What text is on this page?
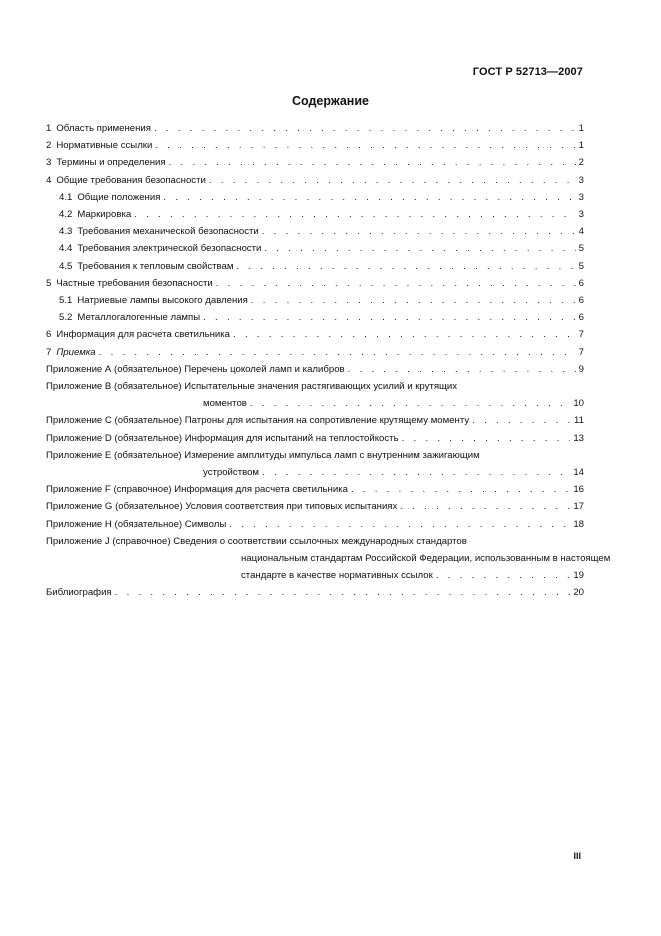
ГОСТ Р 52713—2007
Содержание
1 Область применения . . .	1
2 Нормативные ссылки . . .	1
3 Термины и определения . . .	2
4 Общие требования безопасности . . .	3
4.1 Общие положения . . .	3
4.2 Маркировка . . .	3
4.3 Требования механической безопасности . . .	4
4.4 Требования электрической безопасности . . .	5
4.5 Требования к тепловым свойствам . . .	5
5 Частные требования безопасности . . .	6
5.1 Натриевые лампы высокого давления . . .	6
5.2 Металлогалогенные лампы . . .	6
6 Информация для расчета светильника . . .	7
7 Приемка . . .	7
Приложение А (обязательное) Перечень цоколей ламп и калибров . . .	9
Приложение В (обязательное) Испытательные значения растягивающих усилий и крутящих
моментов . . .	10
Приложение С (обязательное) Патроны для испытания на сопротивление крутящему моменту . . .	11
Приложение D (обязательное) Информация для испытаний на теплостойкость . . .	13
Приложение Е (обязательное) Измерение амплитуды импульса ламп с внутренним зажигающим
устройством . . .	14
Приложение F (справочное) Информация для расчета светильника . . .	16
Приложение G (обязательное) Условия соответствия при типовых испытаниях . . .	17
Приложение Н (обязательное) Символы . . .	18
Приложение J (справочное) Сведения о соответствии ссылочных международных стандартов
национальным стандартам Российской Федерации, использованным в настоящем
стандарте в качестве нормативных ссылок . . .	19
Библиография . . .	20
III
